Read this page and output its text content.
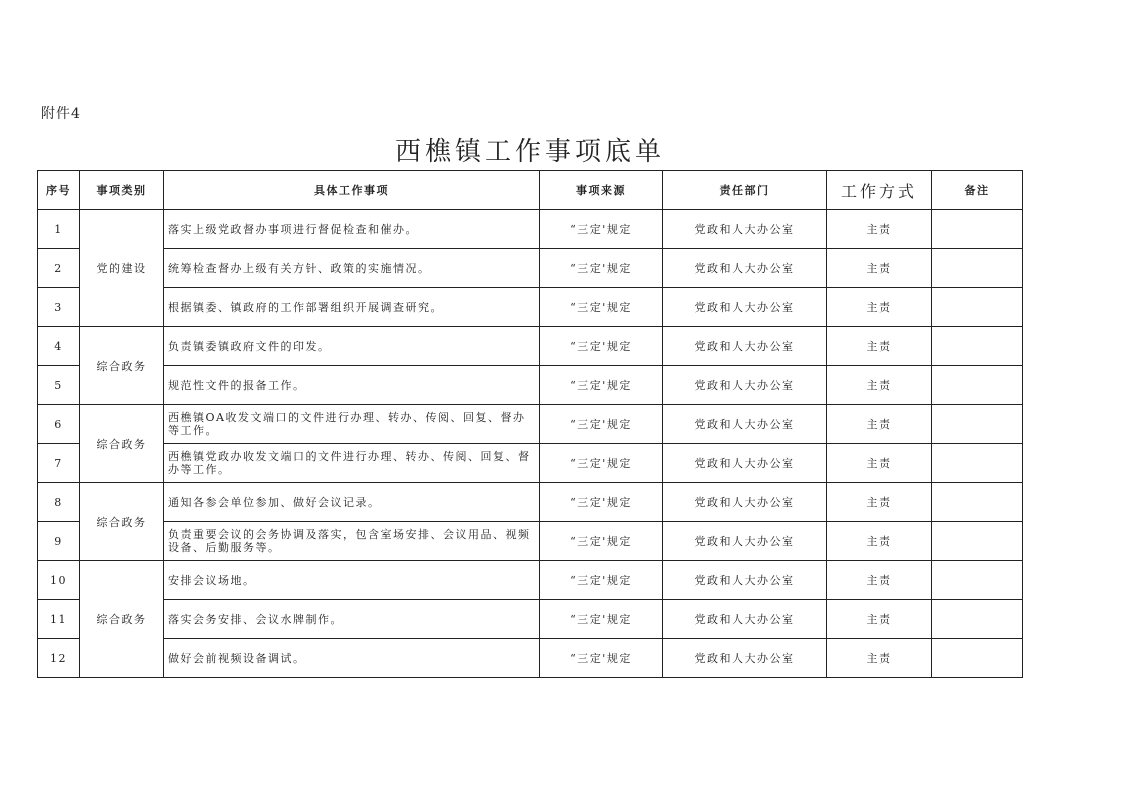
附件4
西樵镇工作事项底单
序号	事项类别	具体工作事项	事项来源	责任部门	工作方式	备注
1	党的建设	落实上级党政督办事项进行督促检查和催办。	“三定'规定	党政和人大办公室	主责	
2		统筹检查督办上级有关方针、政策的实施情况。	“三定'规定	党政和人大办公室	主责	
3		根据镇委、镇政府的工作部署组织开展调查研究。	“三定'规定	党政和人大办公室	主责	
4	综合政务	负责镇委镇政府文件的印发。	“三定'规定	党政和人大办公室	主责	
5		规范性文件的报备工作。	“三定'规定	党政和人大办公室	主责	
6	综合政务	西樵镇OA收发文端口的文件进行办理、转办、传阅、回复、督办等工作。	“三定'规定	党政和人大办公室	主责	
7		西樵镇党政办收发文端口的文件进行办理、转办、传阅、回复、督办等工作。	“三定'规定	党政和人大办公室	主责	
8	综合政务	通知各参会单位参加、做好会议记录。	“三定'规定	党政和人大办公室	主责	
9		负责重要会议的会务协调及落实，包含室场安排、会议用品、视频设备、后勤服务等。	“三定'规定	党政和人大办公室	主责	
10	综合政务	安排会议场地。	“三定'规定	党政和人大办公室	主责	
11		落实会务安排、会议水牌制作。	“三定'规定	党政和人大办公室	主责	
12		做好会前视频设备调试。	“三定'规定	党政和人大办公室	主责	
